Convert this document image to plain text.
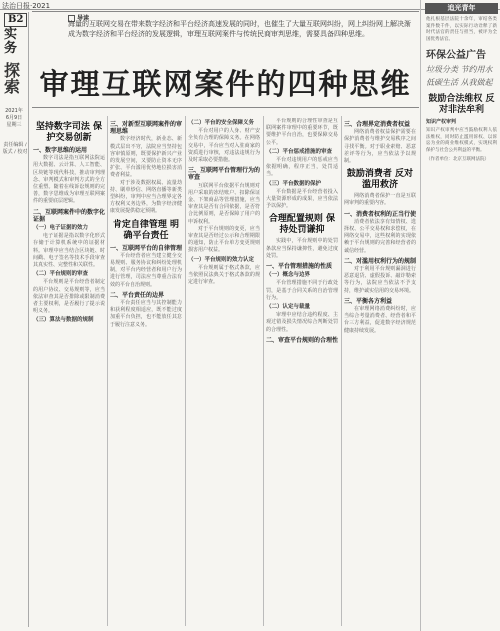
法治日报·2021
B2
实务
探索
2021年
6月9日
星期三
责任编辑 / 版式 / 校对
导读
海量的互联网交易在带来数字经济和平台经济高速发展的同时，也催生了大量互联网纠纷，网上纠纷网上解决渐成为数字经济和平台经济的发展逻辑，审理互联网案件与传统民商审判思维，需要具备四种思维。
审理互联网案件的四种思维
坚持数字司法 保护交易创新
一、数字思维的运用

数字司法是指互联网法院运用大数据、云计算、人工智能、区块链等现代科技，推动审判理念、审判模式和审判方式的全方位重塑。随着在线诉讼规则的完善，数字思维成为审理互联网案件的重要底层逻辑。

二、互联网案件中的数字化证据
（一）电子证据的效力

电子证据是指以数字化形式存储于计算机系统中的证据材料。审理中应当结合区块链、时间戳、电子签名等技术手段审查其真实性、完整性和关联性。

（二）平台规则的审查

平台规则是平台经营者制定的用户协议、交易规则等，应当依法审查其是否排除或限制消费者主要权利，是否履行了提示说明义务。

（三）算法与数据的规制
三、对新型互联网案件的审理思维

数字经济时代，新业态、新模式层出不穷，法院应当坚持包容审慎原则，既要保护新兴产业的发展空间，又要防止资本无序扩张、平台滥用优势地位损害消费者利益。

对于涉及数据权属、流量劫持、刷单炒信、网络直播等新类型纠纷，审判中应当合理界定各方权利义务边界，为数字经济健康发展提供稳定预期。

肯定自律管理 明确平台责任
一、互联网平台的自律管理

平台经营者应当建立健全交易规则、服务协议和纠纷处理机制，对平台内经营者和用户行为进行管理，司法应当尊重合法有效的平台自治规则。

二、平台责任的边界

平台责任应当与其控制能力和获利程度相适应，既不能过度加重平台负担，也不能放任其怠于履行注意义务。

（二）平台的安全保障义务

平台对用户的人身、财产安全负有合理的保障义务。在网络交易中，平台应当对入驻商家的资质进行审核，对违法违规行为及时采取必要措施。

三、互联网平台管理行为的审查

互联网平台依据平台规则对用户采取的冻结账户、扣除保证金、下架商品等管理措施，应当审查其是否有合同依据，是否符合比例原则，是否保障了用户的申诉权利。

对于平台规则的变更，应当审查其是否经过公示和合理期限的通知，防止平台单方变更规则损害用户权益。

（一）平台规则的效力认定

平台规则属于格式条款，应当依照民法典关于格式条款的规定进行审查。

平台规则的合理性审查是互联网案件审理中的重要环节，既要维护平台自治，也要保障交易公平。

（二）平台惩戒措施的审查

平台对违规用户的惩戒应当依据明确，程序正当，处罚适当。

（三）平台数据的保护

平台数据是平台经营者投入大量资源形成的成果，应当依法予以保护。

合理配置规则 保持处罚谦抑

实践中，平台规则中的处罚条款应当保持谦抑性，避免过度处罚。

一、平台管理措施的性质
（一）概念与边界

平台管理措施不同于行政处罚，是基于合同关系的自治管理行为。

（二）认定与裁量

审理中应结合违约程度、主观过错及损失情况综合判断处罚的合理性。

二、审查平台规则的合理性
三、合理界定消费者权益

网络消费者权益保护需要在保护消费者与维护交易秩序之间寻找平衡。对于职业索赔、恶意差评等行为，应当依法予以规制。

鼓励消费者 反对滥用救济

网络消费者保护一直是互联网审判的重要内容。

一、消费者权利的正当行使

消费者依法享有知情权、选择权、公平交易权和求偿权，在网络交易中，这些权利的实现依赖于平台规则的完善和经营者的诚信经营。

二、对滥用权利行为的规制

对于利用平台规则漏洞进行恶意退货、虚假投诉、敲诈勒索等行为，法院应当依法不予支持，维护诚实信用的交易环境。

三、平衡各方利益

在审理网络消费纠纷时，应当综合考量消费者、经营者和平台三方利益，促进数字经济规范健康持续发展。

追光青年
他扎根基层法院十余年，审结各类案件数千件，以实际行动诠释了新时代法官的责任与担当，被评为全国优秀法官。
环保公益广告
垃圾分类 节约用水
低碳生活 从我做起
鼓励合法维权 反对非法牟利
知识产权审判
知识产权审判中应当鼓励权利人依法维权，同时防止滥用诉权、以诉讼为业的商业维权模式，实现权利保护与社会公共利益的平衡。
（作者单位：北京互联网法院）
